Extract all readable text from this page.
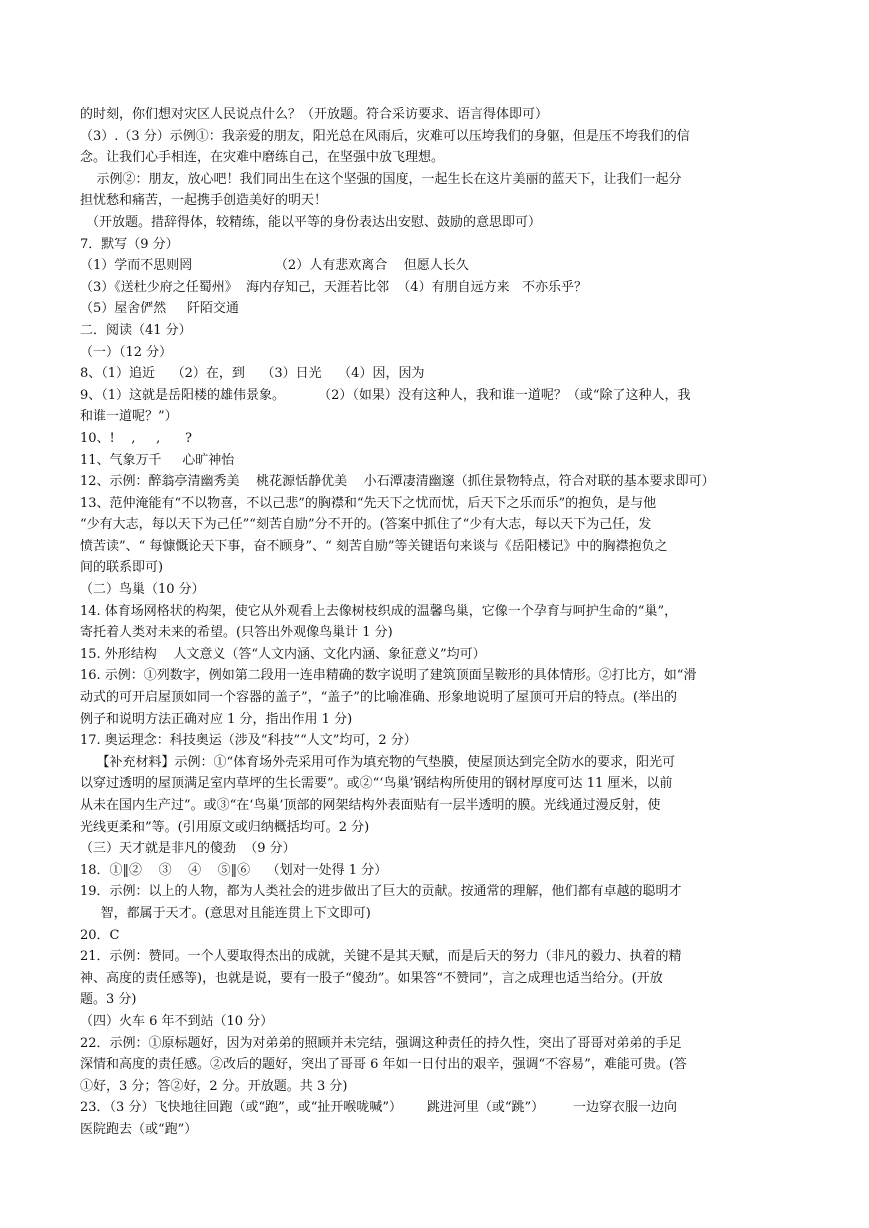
的时刻，你们想对灾区人民说点什么？（开放题。符合采访要求、语言得体即可）
（3）.（3 分）示例①：我亲爱的朋友，阳光总在风雨后，灾难可以压垮我们的身躯，但是压不垮我们的信
念。让我们心手相连，在灾难中磨练自己，在坚强中放飞理想。
示例②：朋友，放心吧！我们同出生在这个坚强的国度，一起生长在这片美丽的蓝天下，让我们一起分
担忧愁和痛苦，一起携手创造美好的明天！
（开放题。措辞得体，较精练，能以平等的身份表达出安慰、鼓励的意思即可）
7．默写（9 分）
（1）学而不思则罔                    （2）人有悲欢离合    但愿人长久
（3）《送杜少府之任蜀州》  海内存知己，天涯若比邻  （4）有朋自远方来   不亦乐乎？
（5）屋舍俨然     阡陌交通
二．阅读（41 分）
（一）（12 分）
8、（1）追近    （2）在，到    （3）日光    （4）因，因为
9、（1）这就是岳阳楼的雄伟景象。        （2）（如果）没有这种人，我和谁一道呢？（或“除了这种人，我
和谁一道呢？”）
10、!    ,     ,      ?
11、气象万千     心旷神怡
12、示例：醉翁亭清幽秀美    桃花源恬静优美    小石潭凄清幽邃（抓住景物特点，符合对联的基本要求即可）
13、范仲淹能有“不以物喜，不以己悲”的胸襟和“先天下之忧而忧，后天下之乐而乐”的抱负，是与他
“少有大志，每以天下为己任”“刻苦自励”分不开的。(答案中抓住了“少有大志，每以天下为己任，发
愤苦读”、“ 每慷慨论天下事，奋不顾身”、“ 刻苦自励”等关键语句来谈与《岳阳楼记》中的胸襟抱负之
间的联系即可)
（二）鸟巢（10 分）
14. 体育场网格状的构架，使它从外观看上去像树枝织成的温馨鸟巢，它像一个孕育与呵护生命的“巢”，
寄托着人类对未来的希望。(只答出外观像鸟巢计 1 分)
15. 外形结构    人文意义（答“人文内涵、文化内涵、象征意义”均可）
16. 示例：①列数字，例如第二段用一连串精确的数字说明了建筑顶面呈鞍形的具体情形。②打比方，如“滑
动式的可开启屋顶如同一个容器的盖子”，“盖子”的比喻准确、形象地说明了屋顶可开启的特点。(举出的
例子和说明方法正确对应 1 分，指出作用 1 分)
17. 奥运理念：科技奥运（涉及“科技”“人文”均可，2 分）
【补充材料】示例：①“体育场外壳采用可作为填充物的气垫膜，使屋顶达到完全防水的要求，阳光可
以穿过透明的屋顶满足室内草坪的生长需要”。或②“‘鸟巢’钢结构所使用的钢材厚度可达 11 厘米，以前
从未在国内生产过”。或③“在‘鸟巢’顶部的网架结构外表面贴有一层半透明的膜。光线通过漫反射，使
光线更柔和”等。(引用原文或归纳概括均可。2 分)
（三）天才就是非凡的傻劲  （9 分）
18．①‖②    ③    ④    ⑤‖⑥    （划对一处得 1 分）
19．示例：以上的人物，都为人类社会的进步做出了巨大的贡献。按通常的理解，他们都有卓越的聪明才
智，都属于天才。(意思对且能连贯上下文即可)
20．C
21．示例：赞同。一个人要取得杰出的成就，关键不是其天赋，而是后天的努力（非凡的毅力、执着的精
神、高度的责任感等)，也就是说，要有一股子“傻劲”。如果答“不赞同”，言之成理也适当给分。(开放
题。3 分)
（四）火车 6 年不到站（10 分）
22．示例：①原标题好，因为对弟弟的照顾并未完结，强调这种责任的持久性，突出了哥哥对弟弟的手足
深情和高度的责任感。②改后的题好，突出了哥哥 6 年如一日付出的艰辛，强调“不容易”，难能可贵。(答
①好，3 分；答②好，2 分。开放题。共 3 分)
23．（3 分）飞快地往回跑（或“跑”，或“扯开喉咙喊”）      跳进河里（或“跳”）       一边穿衣服一边向
医院跑去（或“跑”）
